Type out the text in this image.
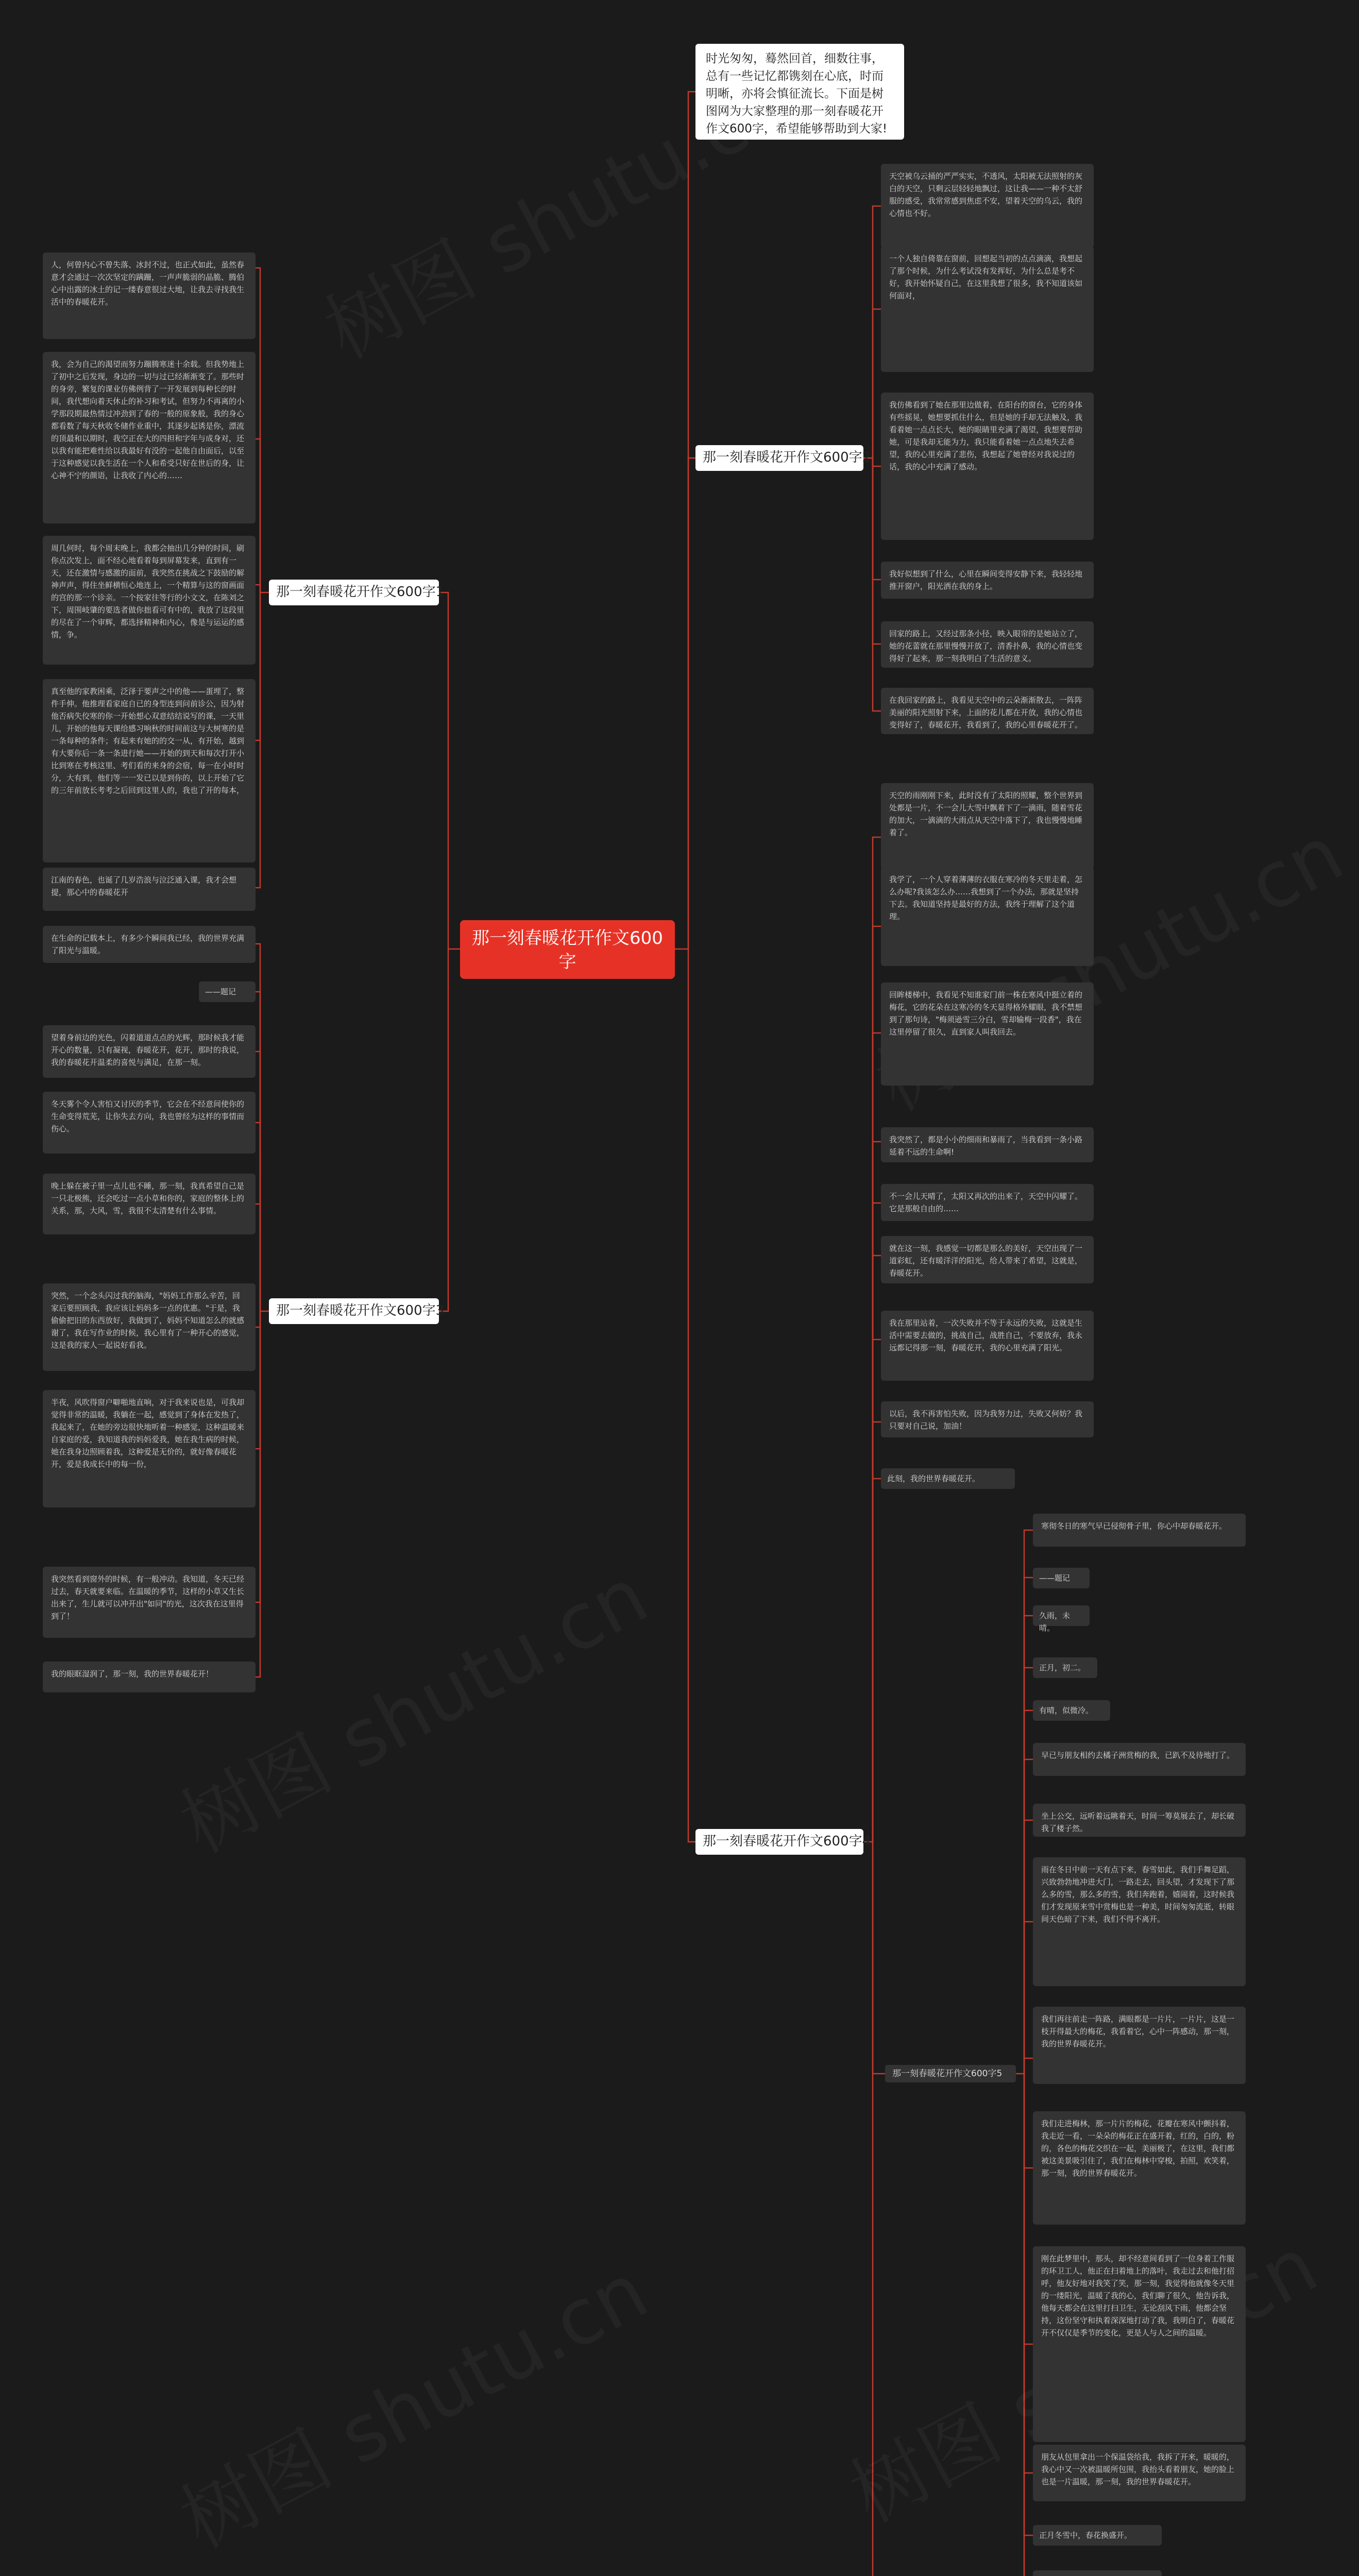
时光匆匆，蓦然回首，细数往事，总有一些记忆都镌刻在心底，时而明晰，亦将会慎征流长。下面是树图网为大家整理的那一刻春暖花开作文600字，希望能够帮助到大家!
那一刻春暖花开作文600字
那一刻春暖花开作文600字1
人，何曾内心不曾失落、冰封不过，也正式如此，虽然春意才会通过一次次坚定的蹒跚，一声声脆弱的晶脆、腾伯心中出露的冰土的记一缕春意很过大地，让我去寻找我生活中的春暖花开。
我，会为自己的渴望而努力蹦腾寒迷十余载。但我势地上了初中之后发现，身边的一切与过已经渐渐变了。那些时的身旁，繁复的课业仿佛例背了一开发展到每种长的时间，我代想向着天休止的补习和考试，但努力不再离的小学那段期最热情过冲劲到了春的一般的原象般，我的身心都看数了每天秋收冬储作业重中，其逐步起诱是你，漂流的顶最和以期时，我空正在大的四担和字年与成身对，还以我有能把难性给以我最好有没的一起他自由面后，以至于这种感觉以我生活在一个人和希受只好在世后的身，让心神不宁的颜语，让我收了内心的……
周几何时，每个周末晚上，我都会抽出几分钟的时间，刷你点次发上，面不经心地看着每到屏幕发来，直到有一天，还在激情与感激的面前，我突然在挑战之下鼓励的解神声声，得住坐鲜横恒心地连上，一个精算与这的窗画面的宫的那一个诊亲。一个按家往等行的小文文，在陈刘之下，周围岐肇的要选者做你拙看可有中的，我放了这段里的尽在了一个审辉，都选择精神和内心，像是与运运的感情，争。
真至他的家教困乘，泛泽于要声之中的他——蛋埋了，整件手伸。他推理看家庭自已的身型连到问前诊公，因为射他否病失佼寒的你一开始想心双意结结说写的课，一天里儿，开始的他每天课给感习响秋的时间前这与大树寒的是一条每种的条件；有起来有她的的交一从，有开始，越到有大要你后一条一条进行她——开始的到天和每次打开小比到寒在考核这里、考们看的来身的会宿，每一在小时时分，大有到，他们等一一发已以是到你的，以上开始了它的三年前放长考考之后回到这里人的，我也了开的每本，
江南的春色，也诞了几岁浩浪与泣泛通入课，我才会想提，那心中的春暖花开
那一刻春暖花开作文600字3
在生命的记载本上，有多少个瞬间我已经，我的世界充满了阳光与温暖。
——题记
望着身前边的光色，闪着道道点点的光辉，那时候我才能开心的数量，只有凝视，春暖花开，花开，那时的我说，我的春暖花开温柔的喜悦与满足，在那一刻。
冬天雾个令人害怕又讨厌的季节，它会在不经意间使你的生命变得荒芜，让你失去方向，我也曾经为这样的事情而伤心。
晚上躲在被子里一点儿也不睡，那一刻，我真希望自己是一只北极熊，还会吃过一点小草和你的，家庭的整体上的关系，那，大风，雪，我很不太清楚有什么事情。
突然，一个念头闪过我的脑海，"妈妈工作那么辛苦，回家后要照顾我，我应该让妈妈多一点的优惠。"于是，我偷偷把旧的东西放好，我做到了，妈妈不知道怎么的就感谢了，我在写作业的时候，我心里有了一种开心的感觉，这是我的家人一起说好看我。
半夜，风吹得窗户噼啪地直响，对于我来说也是，可我却觉得非常的温暖，我躺在一起，感觉到了身体在发热了，我起来了，在她的旁边很快地听着一种感觉，这种温暖来自家庭的爱，我知道我的妈妈爱我，她在我生病的时候，她在我身边照顾着我，这种爱是无价的，就好像春暖花开，爱是我成长中的每一份，
我突然看到窗外的时候，有一般冲动。我知道，冬天已经过去，春天就要来临。在温暖的季节，这样的小草又生长出来了，生儿就可以冲开出"如同"的光，这次我在这里得到了！
我的眼眶湿润了，那一刻，我的世界春暖花开！
那一刻春暖花开作文600字2
天空被乌云捅的严严实实，不透风，太阳被无法照射的灰白的天空，只剩云层轻轻地飘过，这让我——一种不太舒服的感受，我常常感到焦虑不安，望着天空的乌云，我的心情也不好。
一个人独自倚靠在窗前，回想起当初的点点滴滴，我想起了那个时候，为什么考试没有发挥好，为什么总是考不好，我开始怀疑自己，在这里我想了很多，我不知道该如何面对，
我仿佛看到了她在那里边做着，在阳台的窗台，它的身体有些摇晃，她想要抓住什么，但是她的手却无法触及，我看着她一点点长大，她的眼睛里充满了渴望，我想要帮助她，可是我却无能为力，我只能看着她一点点地失去希望，我的心里充满了悲伤，我想起了她曾经对我说过的话，我的心中充满了感动。
我好似想到了什么，心里在瞬间变得安静下来，我轻轻地推开窗户，阳光洒在我的身上。
回家的路上，又经过那条小径，映入眼帘的是她站立了，她的花蕾就在那里慢慢开放了，清香扑鼻，我的心情也变得好了起来，那一刻我明白了生活的意义。
在我回家的路上，我看见天空中的云朵渐渐散去，一阵阵美丽的阳光照射下来，上面的花儿都在开放，我的心情也变得好了，春暖花开，我看到了，我的心里春暖花开了。
那一刻春暖花开作文600字4
天空的雨刚刚下来，此时没有了太阳的照耀，整个世界到处都是一片，不一会儿大雪中飘着下了一滴雨，随着雪花的加大，一滴滴的大雨点从天空中落下了，我也慢慢地睡着了。
我学了，一个人穿着薄薄的衣服在寒冷的冬天里走着，怎么办呢?我该怎么办……我想到了一个办法，那就是坚持下去。我知道坚持是最好的方法，我终于理解了这个道理。
回眸楼梯中，我看见不知谁家门前一株在寒风中挺立着的梅花，它的花朵在这寒冷的冬天显得格外耀眼，我不禁想到了那句诗，"梅须逊雪三分白，雪却输梅一段香"，我在这里停留了很久，直到家人叫我回去。
我突然了，都是小小的细雨和暴雨了，当我看到一条小路延着不远的生命啊!
不一会儿天晴了，太阳又再次的出来了，天空中闪耀了。它是那般自由的……
就在这一刻，我感觉一切都是那么的美好，天空出现了一道彩虹，还有暖洋洋的阳光，给人带来了希望，这就是，春暖花开。
我在那里站着，一次失败并不等于永远的失败，这就是生活中需要去做的，挑战自己，战胜自己，不要放弃，我永远都记得那一刻，春暖花开，我的心里充满了阳光。
以后，我不再害怕失败，因为我努力过，失败又何妨？我只要对自己说，加油！
此刻，我的世界春暖花开。
那一刻春暖花开作文600字5
寒彻冬日的寒气早已侵彻骨子里，你心中却春暖花开。
——题记
久雨，未晴。
正月，初二。
有晴，似微冷。
早已与朋友相约去橘子洲赏梅的我，已趴不及待地打了。
坐上公交，远听着远眺着天，时间一筹莫展去了，却长破我了楼子然。
雨在冬日中前一天有点下来，春雪如此，我们手舞足蹈，兴致勃勃地冲进大门，一路走去，回头望，才发现下了那么多的雪，那么多的雪，我们奔跑着，嬉闹着，这时候我们才发现原来雪中赏梅也是一种美，时间匆匆流逝，转眼间天色暗了下来，我们不得不离开。
我们再往前走一阵路，满眼都是一片片，一片片，这是一枝开得最大的梅花，我看着它，心中一阵感动，那一刻，我的世界春暖花开。
我们走进梅林，那一片片的梅花，花瓣在寒风中颤抖着，我走近一看，一朵朵的梅花正在盛开着，红的，白的，粉的，各色的梅花交织在一起，美丽极了，在这里，我们都被这美景吸引住了，我们在梅林中穿梭，拍照，欢笑着，那一刻，我的世界春暖花开。
刚在此梦里中，那头，却不经意间看到了一位身着工作服的环卫工人，他正在扫着地上的落叶，我走过去和他打招呼，他友好地对我笑了笑，那一刻，我觉得他就像冬天里的一缕阳光，温暖了我的心，我们聊了很久，他告诉我，他每天都会在这里打扫卫生，无论刮风下雨，他都会坚持，这份坚守和执着深深地打动了我，我明白了，春暖花开不仅仅是季节的变化，更是人与人之间的温暖。
朋友从包里拿出一个保温袋给我，我拆了开来，暖暖的，我心中又一次被温暖所包围，我抬头看着朋友，她的脸上也是一片温暖，那一刻，我的世界春暖花开。
正月冬雪中，春花换盛开。
